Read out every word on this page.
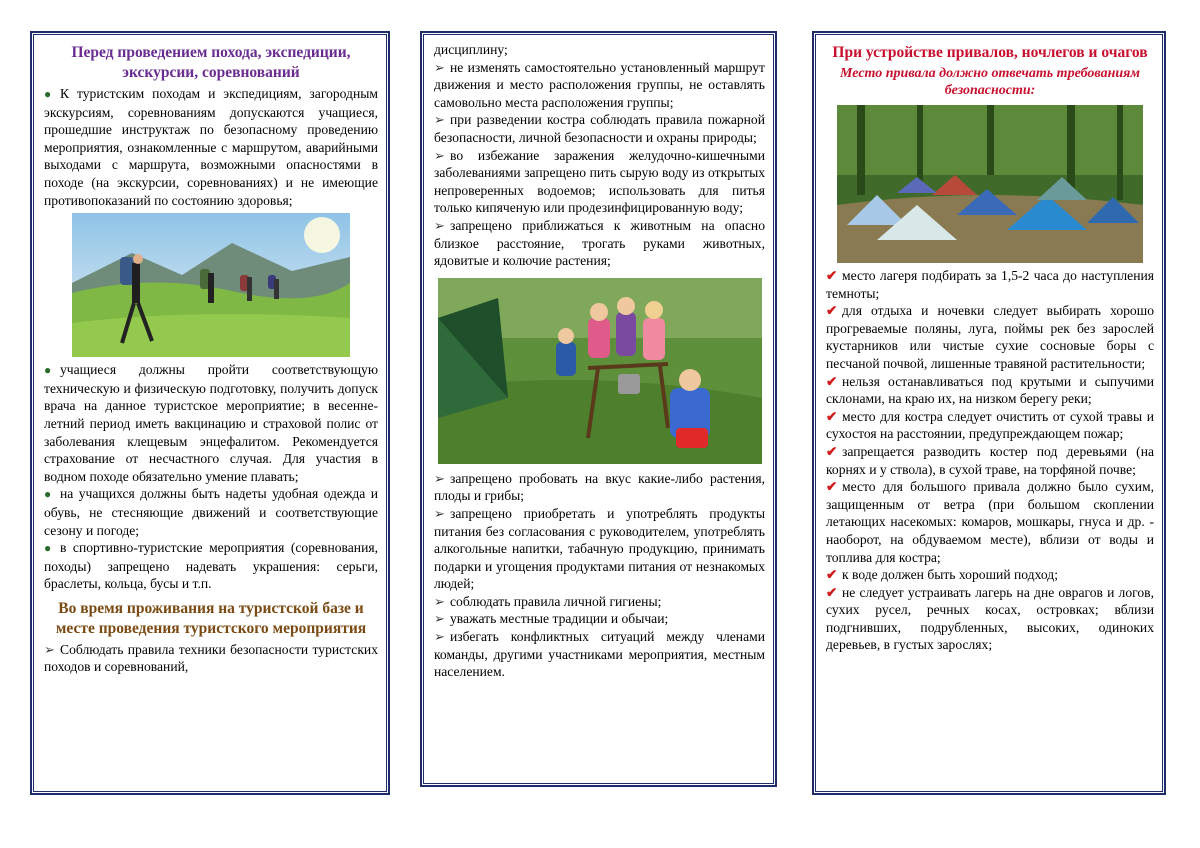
Перед проведением похода, экспедиции, экскурсии, соревнований

● К туристским походам и экспедициям, загородным экскурсиям, соревнованиям допускаются учащиеся, прошедшие инструктаж по безопасному проведению мероприятия, ознакомленные с маршрутом, аварийными выходами с маршрута, возможными опасностями в походе (на экскурсии, соревнованиях) и не имеющие противопоказаний по состоянию здоровья;

● учащиеся должны пройти соответствующую техническую и физическую подготовку, получить допуск врача на данное туристское мероприятие; в весенне-летний период иметь вакцинацию и страховой полис от заболевания клещевым энцефалитом. Рекомендуется страхование от несчастного случая. Для участия в водном походе обязательно умение плавать;

● на учащихся должны быть надеты удобная одежда и обувь, не стесняющие движений и соответствующие сезону и погоде;

● в спортивно-туристские мероприятия (соревнования, походы) запрещено надевать украшения: серьги, браслеты, кольца, бусы и т.п.

Во время проживания на туристской базе и месте проведения туристского мероприятия

➢ Соблюдать правила техники безопасности туристских походов и соревнований,

дисциплину;

➢ не изменять самостоятельно установленный маршрут движения и место расположения группы, не оставлять самовольно места расположения группы;

➢ при разведении костра соблюдать правила пожарной безопасности, личной безопасности и охраны природы;

➢ во избежание заражения желудочно-кишечными заболеваниями запрещено пить сырую воду из открытых непроверенных водоемов; использовать для питья только кипяченую или продезинфицированную воду;

➢ запрещено приближаться к животным на опасно близкое расстояние, трогать руками животных, ядовитые и колючие растения;

➢ запрещено пробовать на вкус какие-либо растения, плоды и грибы;

➢ запрещено приобретать и употреблять продукты питания без согласования с руководителем, употреблять алкогольные напитки, табачную продукцию, принимать подарки и угощения продуктами питания от незнакомых людей;

➢ соблюдать правила личной гигиены;

➢ уважать местные традиции и обычаи;

➢ избегать конфликтных ситуаций между членами команды, другими участниками мероприятия, местным населением.

При устройстве привалов, ночлегов и очагов
Место привала должно отвечать требованиям безопасности:

✔ место лагеря подбирать за 1,5-2 часа до наступления темноты;

✔ для отдыха и ночевки следует выбирать хорошо прогреваемые поляны, луга, поймы рек без зарослей кустарников или чистые сухие сосновые боры с песчаной почвой, лишенные травяной растительности;

✔ нельзя останавливаться под крутыми и сыпучими склонами, на краю их, на низком берегу реки;

✔ место для костра следует очистить от сухой травы и сухостоя на расстоянии, предупреждающем пожар;

✔ запрещается разводить костер под деревьями (на корнях и у ствола), в сухой траве, на торфяной почве;

✔ место для большого привала должно было сухим, защищенным от ветра (при большом скоплении летающих насекомых: комаров, мошкары, гнуса и др. - наоборот, на обдуваемом месте), вблизи от воды и топлива для костра;

✔ к воде должен быть хороший подход;

✔ не следует устраивать лагерь на дне оврагов и логов, сухих русел, речных косах, островках; вблизи подгнивших, подрубленных, высоких, одиноких деревьев, в густых зарослях;
